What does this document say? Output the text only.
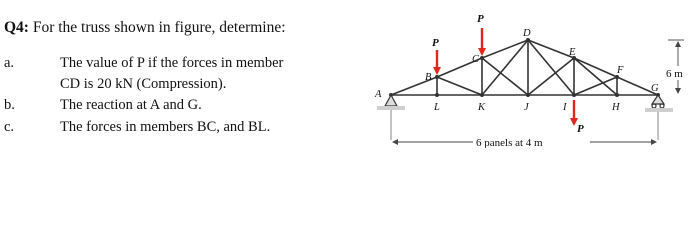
Q4: For the truss shown in figure, determine:
a.	The value of P if the forces in member
CD is 20 kN (Compression).
b.	The reaction at A and G.
c.	The forces in members BC, and BL.
A
B
C
D
E
F
G
L	K	J	I	H
P
P
P
6 m
6 panels at 4 m
